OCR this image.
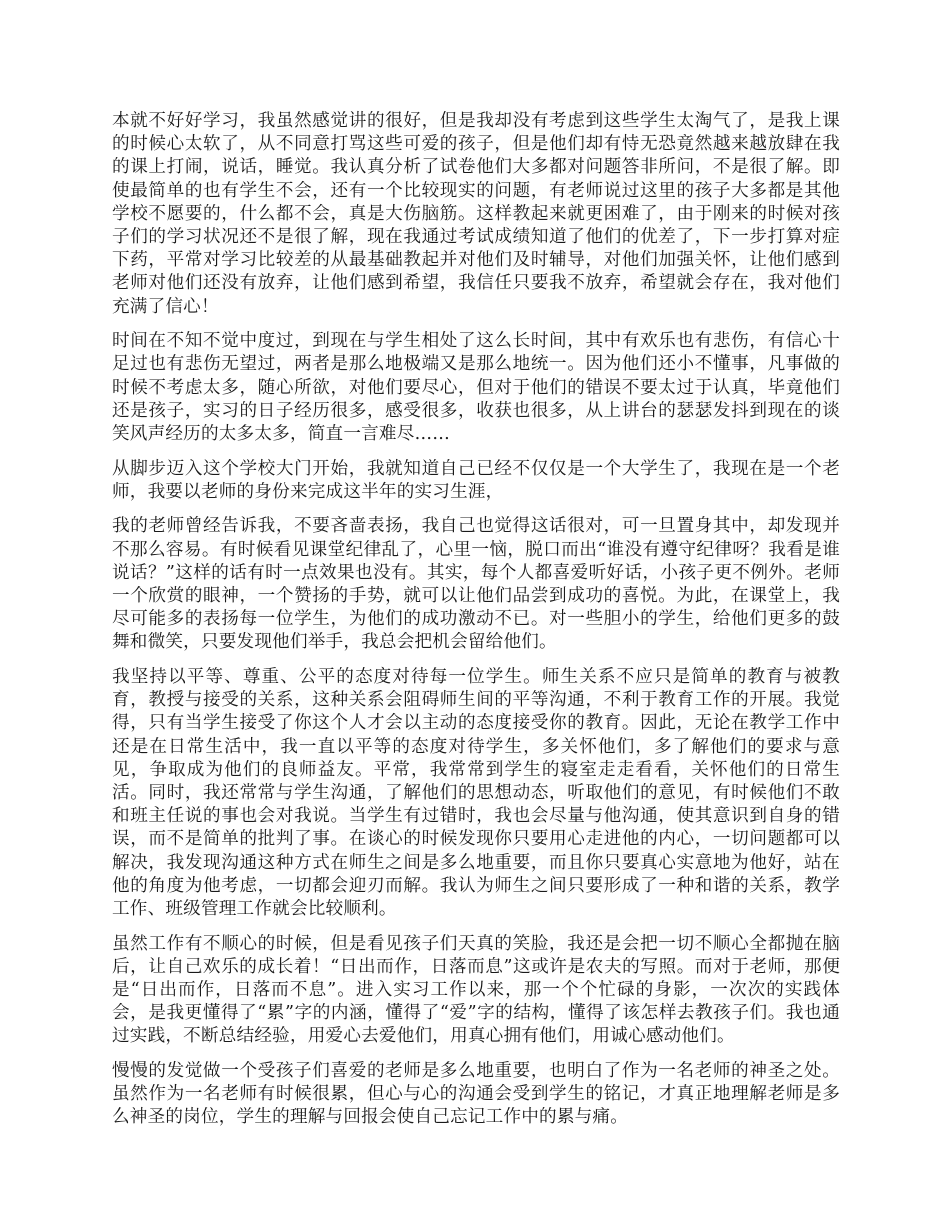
本就不好好学习，我虽然感觉讲的很好，但是我却没有考虑到这些学生太淘气了，是我上课的时候心太软了，从不同意打骂这些可爱的孩子，但是他们却有恃无恐竟然越来越放肆在我的课上打闹，说话，睡觉。我认真分析了试卷他们大多都对问题答非所问，不是很了解。即使最简单的也有学生不会，还有一个比较现实的问题，有老师说过这里的孩子大多都是其他学校不愿要的，什么都不会，真是大伤脑筋。这样教起来就更困难了，由于刚来的时候对孩子们的学习状况还不是很了解，现在我通过考试成绩知道了他们的优差了，下一步打算对症下药，平常对学习比较差的从最基础教起并对他们及时辅导，对他们加强关怀，让他们感到老师对他们还没有放弃，让他们感到希望，我信任只要我不放弃，希望就会存在，我对他们充满了信心！

时间在不知不觉中度过，到现在与学生相处了这么长时间，其中有欢乐也有悲伤，有信心十足过也有悲伤无望过，两者是那么地极端又是那么地统一。因为他们还小不懂事，凡事做的时候不考虑太多，随心所欲，对他们要尽心，但对于他们的错误不要太过于认真，毕竟他们还是孩子，实习的日子经历很多，感受很多，收获也很多，从上讲台的瑟瑟发抖到现在的谈笑风声经历的太多太多，简直一言难尽……

从脚步迈入这个学校大门开始，我就知道自己已经不仅仅是一个大学生了，我现在是一个老师，我要以老师的身份来完成这半年的实习生涯，

我的老师曾经告诉我，不要吝啬表扬，我自己也觉得这话很对，可一旦置身其中，却发现并不那么容易。有时候看见课堂纪律乱了，心里一恼，脱口而出“谁没有遵守纪律呀？我看是谁说话？”这样的话有时一点效果也没有。其实，每个人都喜爱听好话，小孩子更不例外。老师一个欣赏的眼神，一个赞扬的手势，就可以让他们品尝到成功的喜悦。为此，在课堂上，我尽可能多的表扬每一位学生，为他们的成功激动不已。对一些胆小的学生，给他们更多的鼓舞和微笑，只要发现他们举手，我总会把机会留给他们。

我坚持以平等、尊重、公平的态度对待每一位学生。师生关系不应只是简单的教育与被教育，教授与接受的关系，这种关系会阻碍师生间的平等沟通，不利于教育工作的开展。我觉得，只有当学生接受了你这个人才会以主动的态度接受你的教育。因此，无论在教学工作中还是在日常生活中，我一直以平等的态度对待学生，多关怀他们，多了解他们的要求与意见，争取成为他们的良师益友。平常，我常常到学生的寝室走走看看，关怀他们的日常生活。同时，我还常常与学生沟通，了解他们的思想动态，听取他们的意见，有时候他们不敢和班主任说的事也会对我说。当学生有过错时，我也会尽量与他沟通，使其意识到自身的错误，而不是简单的批判了事。在谈心的时候发现你只要用心走进他的内心，一切问题都可以解决，我发现沟通这种方式在师生之间是多么地重要，而且你只要真心实意地为他好，站在他的角度为他考虑，一切都会迎刃而解。我认为师生之间只要形成了一种和谐的关系，教学工作、班级管理工作就会比较顺利。

虽然工作有不顺心的时候，但是看见孩子们天真的笑脸，我还是会把一切不顺心全都抛在脑后，让自己欢乐的成长着！“日出而作，日落而息”这或许是农夫的写照。而对于老师，那便是“日出而作，日落而不息”。进入实习工作以来，那一个个忙碌的身影，一次次的实践体会，是我更懂得了“累”字的内涵，懂得了“爱”字的结构，懂得了该怎样去教孩子们。我也通过实践，不断总结经验，用爱心去爱他们，用真心拥有他们，用诚心感动他们。

慢慢的发觉做一个受孩子们喜爱的老师是多么地重要，也明白了作为一名老师的神圣之处。虽然作为一名老师有时候很累，但心与心的沟通会受到学生的铭记，才真正地理解老师是多么神圣的岗位，学生的理解与回报会使自己忘记工作中的累与痛。
